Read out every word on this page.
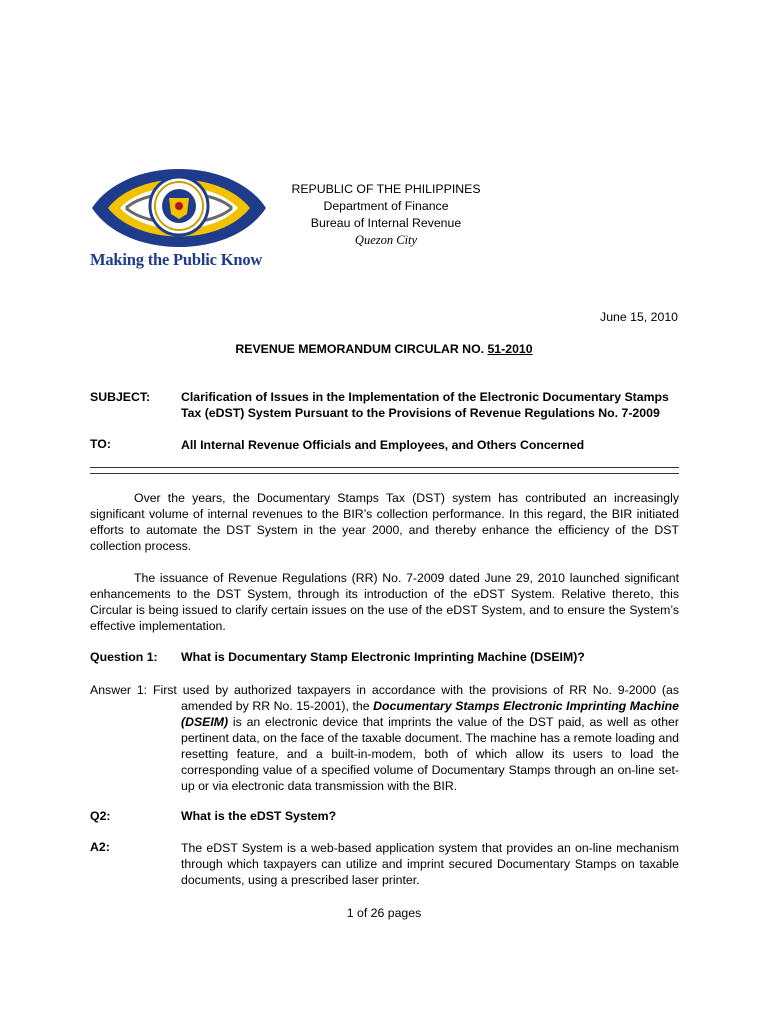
Making the Public Know
REPUBLIC OF THE PHILIPPINES
Department of Finance
Bureau of Internal Revenue
Quezon City
June 15, 2010
REVENUE MEMORANDUM CIRCULAR NO. 51-2010
SUBJECT:	Clarification of Issues in the Implementation of the Electronic Documentary Stamps Tax (eDST) System Pursuant to the Provisions of Revenue Regulations No. 7-2009
TO:	All Internal Revenue Officials and Employees, and Others Concerned
Over the years, the Documentary Stamps Tax (DST) system has contributed an increasingly significant volume of internal revenues to the BIR’s collection performance. In this regard, the BIR initiated efforts to automate the DST System in the year 2000, and thereby enhance the efficiency of the DST collection process.
The issuance of Revenue Regulations (RR) No. 7-2009 dated June 29, 2010 launched significant enhancements to the DST System, through its introduction of the eDST System. Relative thereto, this Circular is being issued to clarify certain issues on the use of the eDST System, and to ensure the System’s effective implementation.
Question 1: What is Documentary Stamp Electronic Imprinting Machine (DSEIM)?
Answer 1: First used by authorized taxpayers in accordance with the provisions of RR No. 9-2000 (as amended by RR No. 15-2001), the Documentary Stamps Electronic Imprinting Machine (DSEIM) is an electronic device that imprints the value of the DST paid, as well as other pertinent data, on the face of the taxable document. The machine has a remote loading and resetting feature, and a built-in-modem, both of which allow its users to load the corresponding value of a specified volume of Documentary Stamps through an on-line set-up or via electronic data transmission with the BIR.
Q2:	What is the eDST System?
A2:	The eDST System is a web-based application system that provides an on-line mechanism through which taxpayers can utilize and imprint secured Documentary Stamps on taxable documents, using a prescribed laser printer.
1 of 26 pages
